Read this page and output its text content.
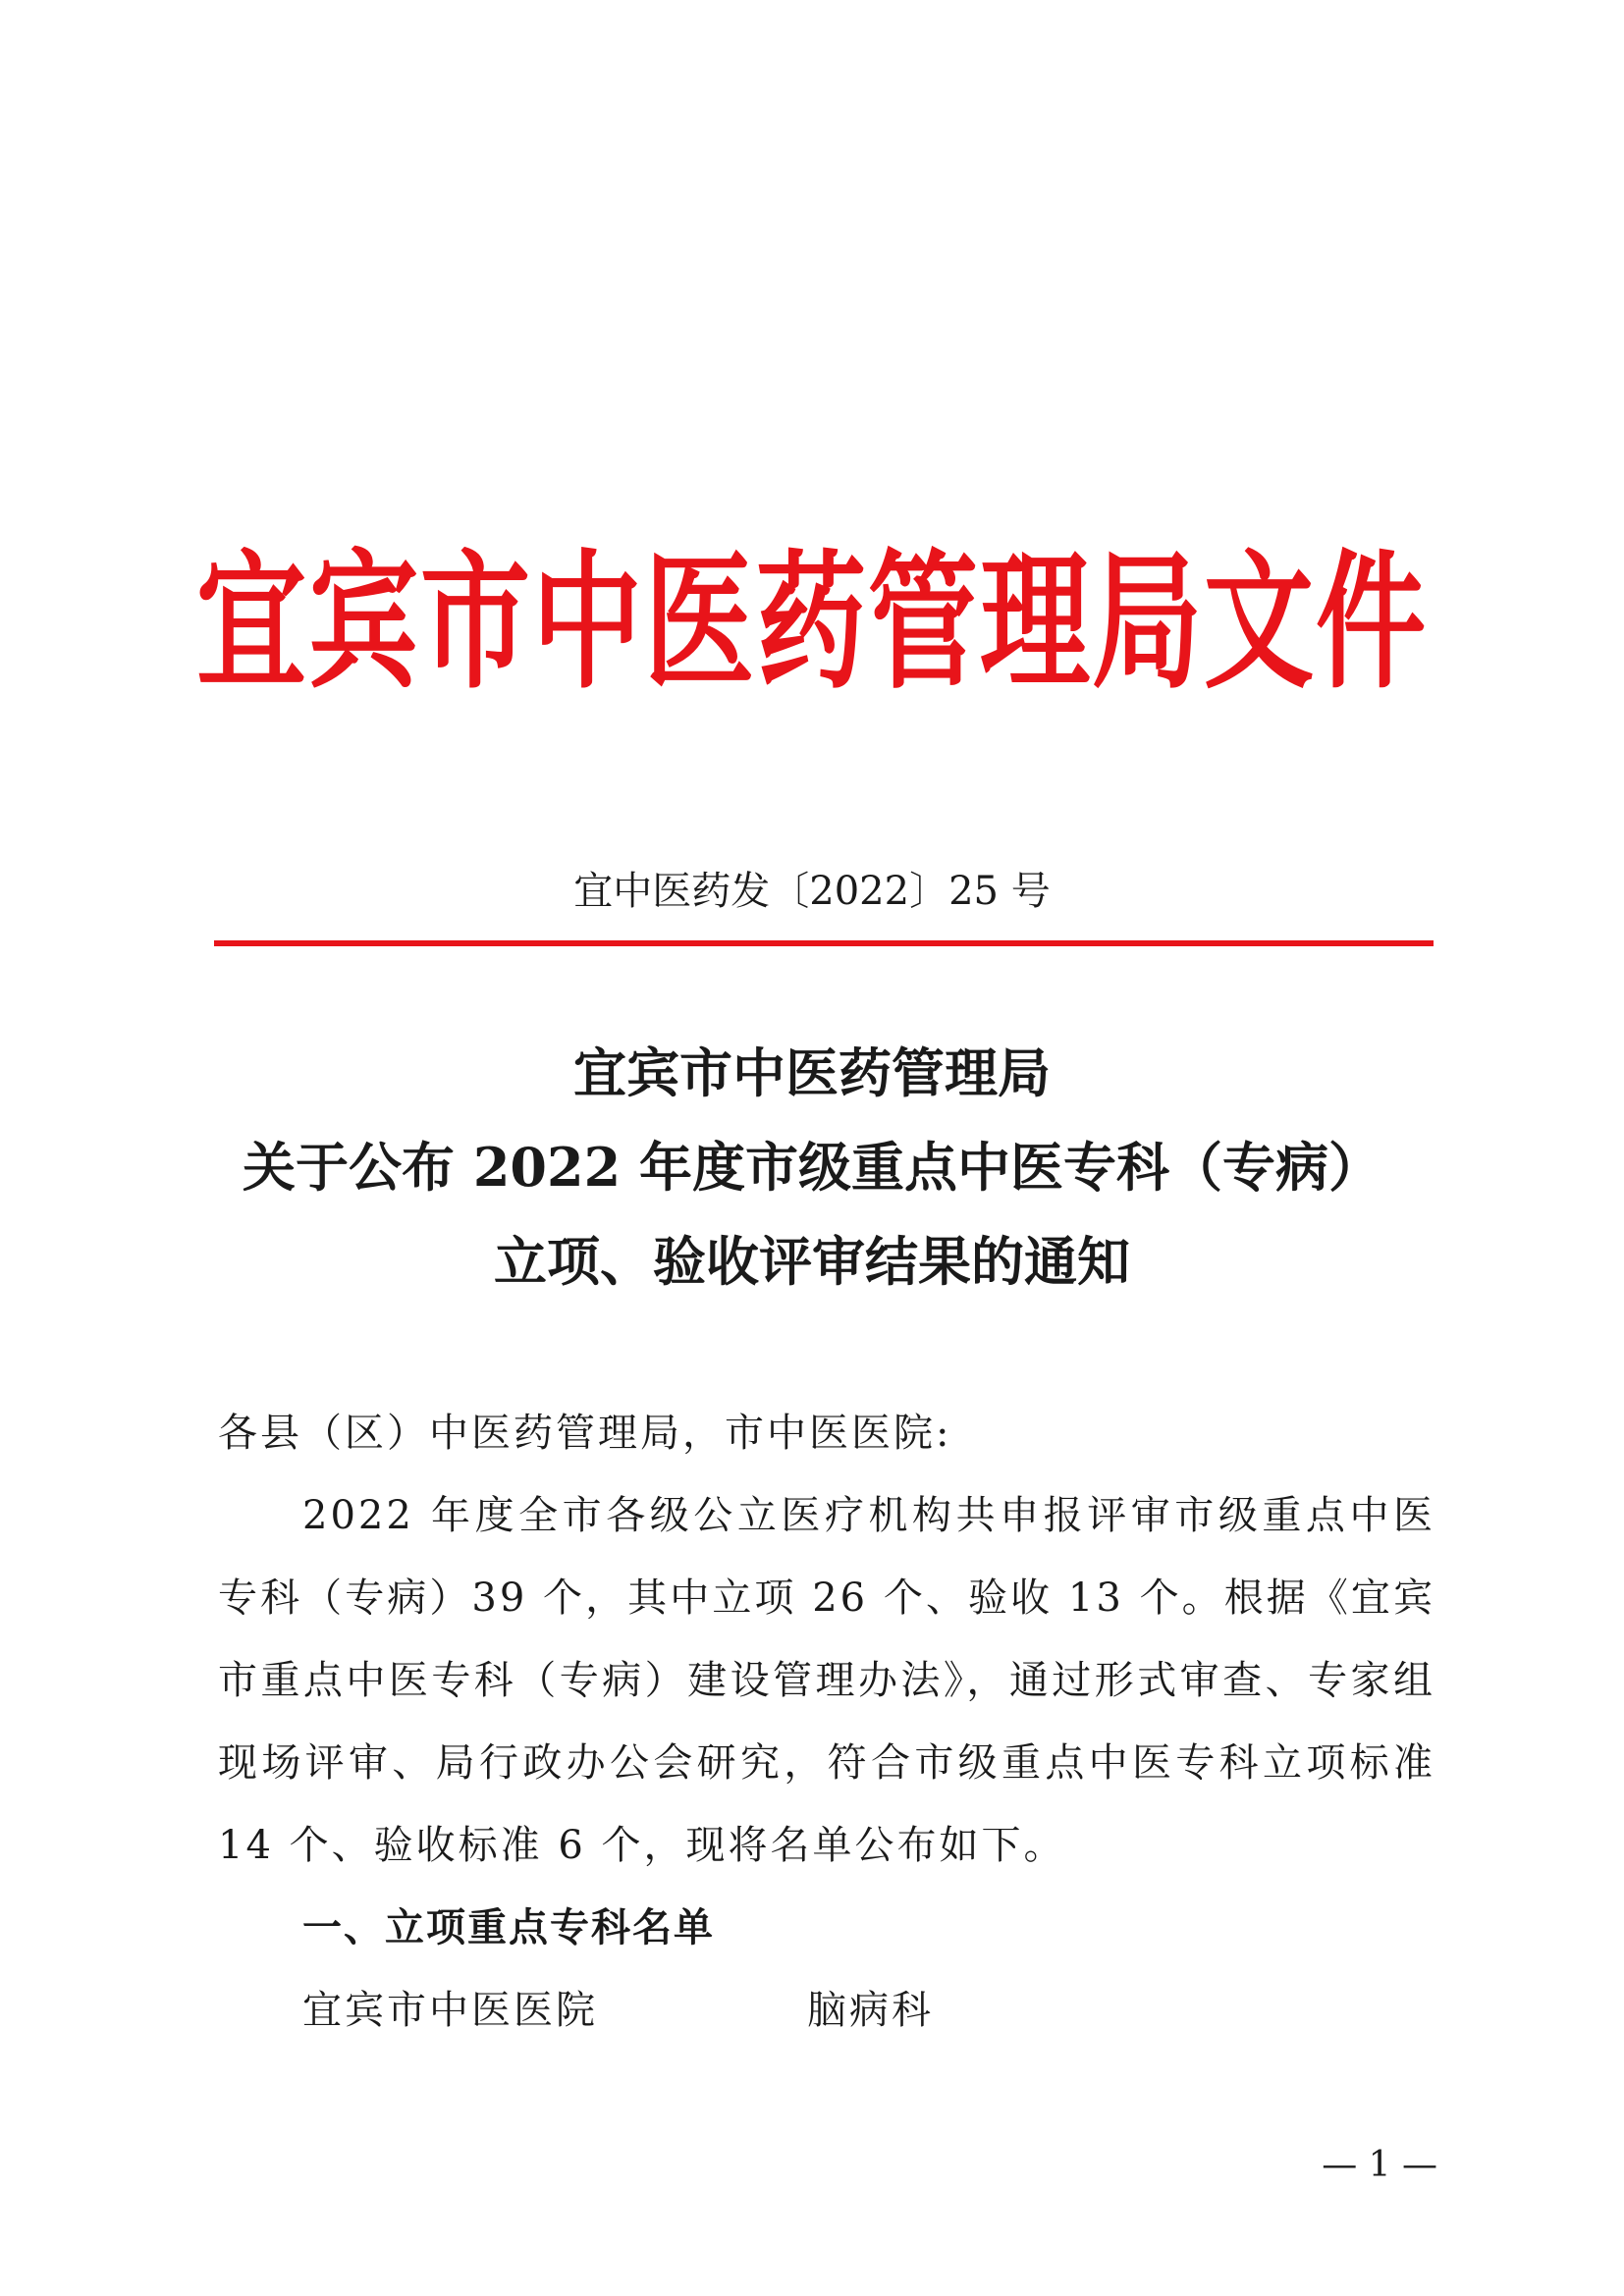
宜宾市中医药管理局文件
宜中医药发〔2022〕25 号
宜宾市中医药管理局
关于公布 2022 年度市级重点中医专科（专病）
立项、验收评审结果的通知
各县（区）中医药管理局，市中医医院:
2022 年度全市各级公立医疗机构共申报评审市级重点中医专科（专病）39 个，其中立项 26 个、验收 13 个。根据《宜宾市重点中医专科（专病）建设管理办法》，通过形式审查、专家组现场评审、局行政办公会研究，符合市级重点中医专科立项标准 14 个、验收标准 6 个，现将名单公布如下。
一、立项重点专科名单
宜宾市中医医院	脑病科
— 1 —
